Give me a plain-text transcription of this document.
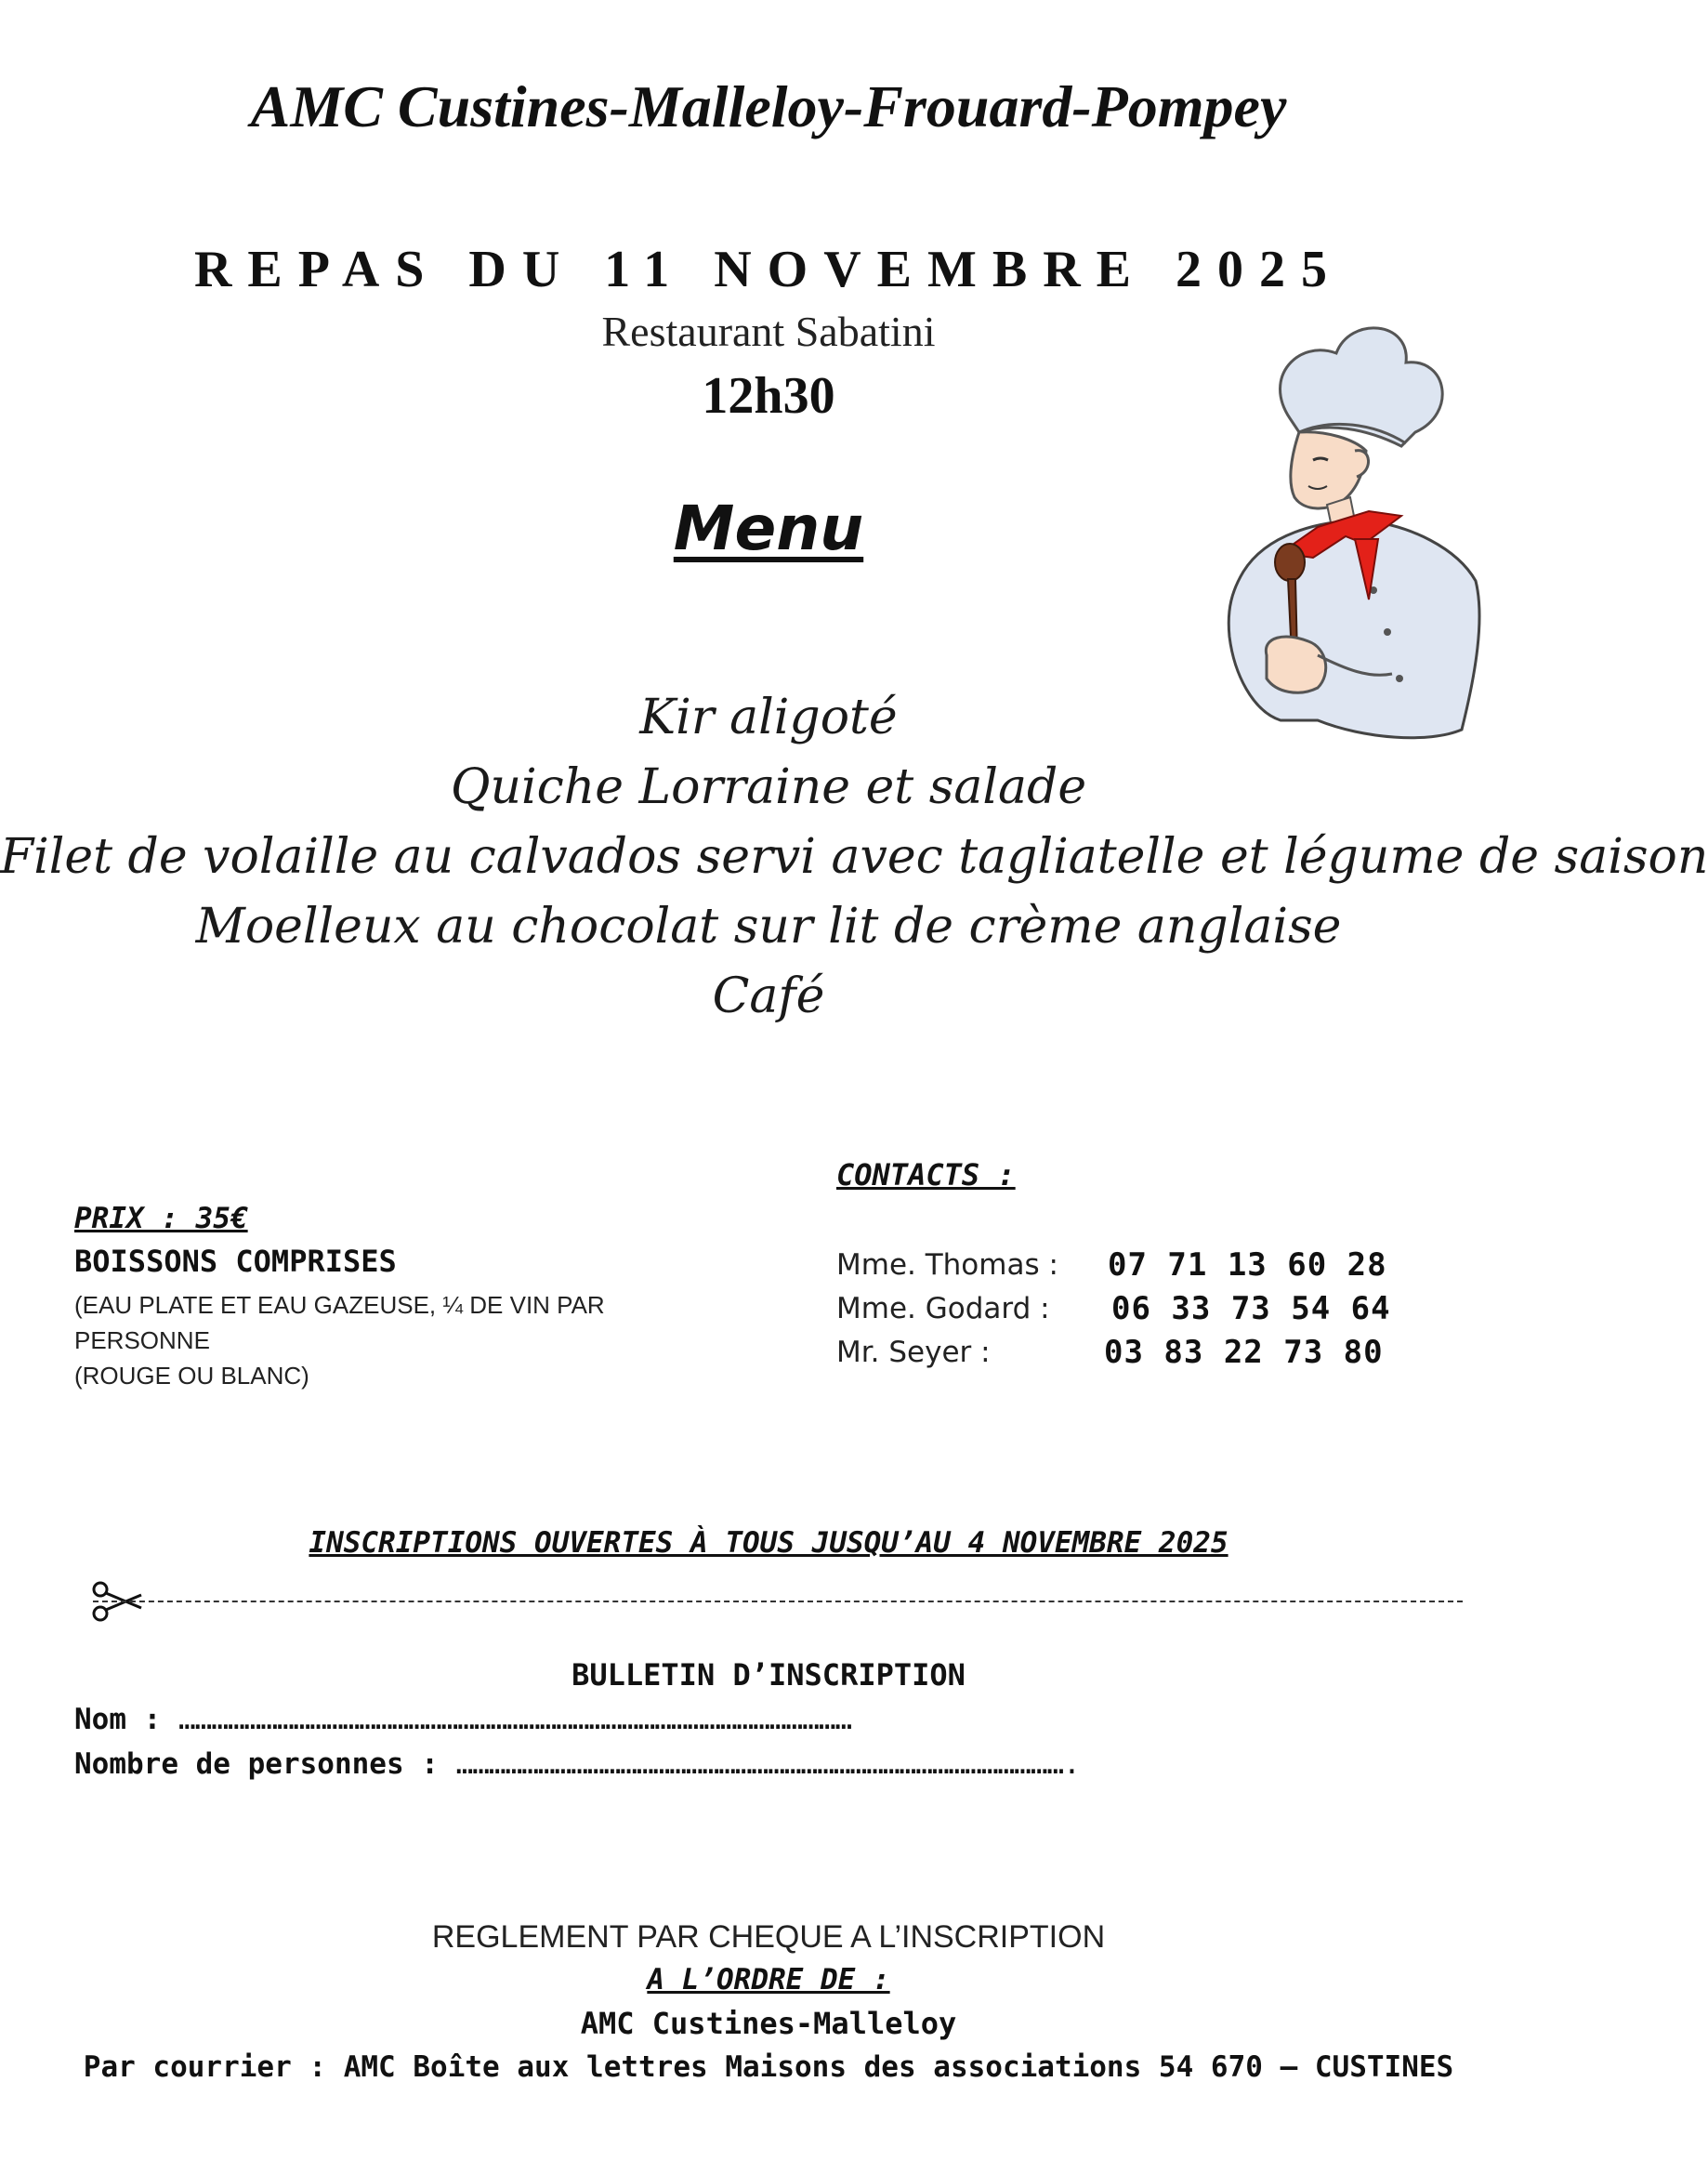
AMC Custines-Malleloy-Frouard-Pompey
REPAS DU 11 NOVEMBRE 2025
Restaurant Sabatini
12h30
Menu
Kir aligoté
Quiche Lorraine et salade
Filet de volaille au calvados servi avec tagliatelle et légume de saison
Moelleux au chocolat sur lit de crème anglaise
Café
CONTACTS :
PRIX : 35€
BOISSONS COMPRISES
(EAU PLATE ET EAU GAZEUSE, ¼ DE VIN PAR PERSONNE
(ROUGE OU BLANC)
Mme. Thomas : 07 71 13 60 28
Mme. Godard : 06 33 73 54 64
Mr. Seyer :	03 83 22 73 80
INSCRIPTIONS OUVERTES À TOUS JUSQU’AU 4 NOVEMBRE 2025
BULLETIN D’INSCRIPTION
Nom : ……………………………………………………………………………………………………………
Nombre de personnes : ………………………………………………………………………………………………….
REGLEMENT PAR CHEQUE A L’INSCRIPTION
A L’ORDRE DE :
AMC Custines-Malleloy
Par courrier : AMC Boîte aux lettres Maisons des associations 54 670 – CUSTINES
